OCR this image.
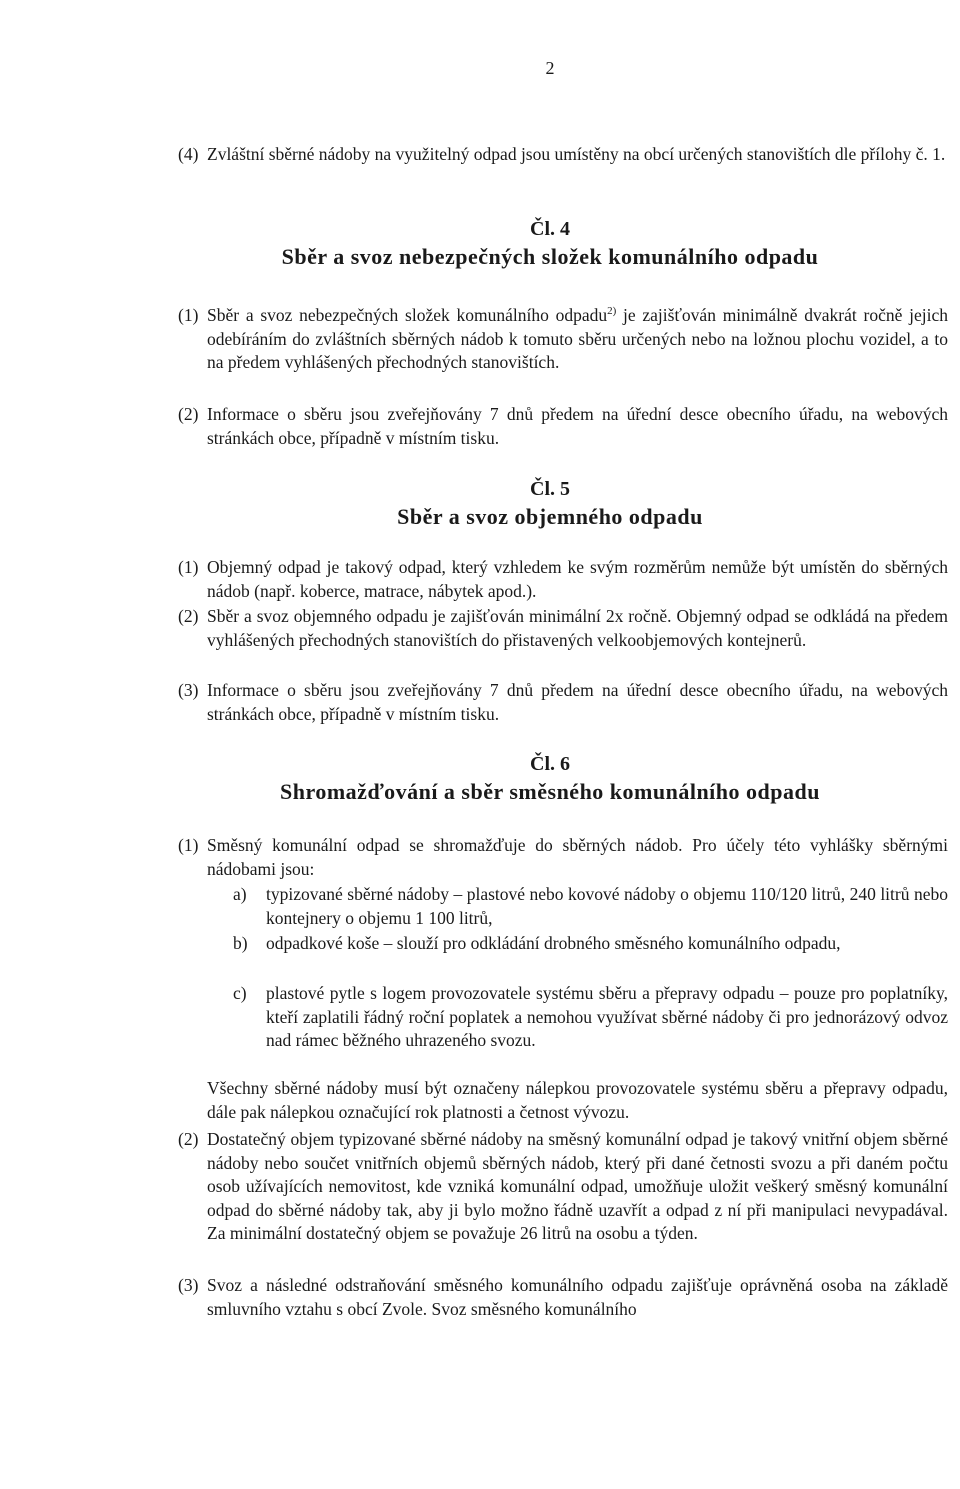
2
(4) Zvláštní sběrné nádoby na využitelný odpad jsou umístěny na obcí určených stanovištích dle přílohy č. 1.
Čl. 4
Sběr a svoz nebezpečných složek komunálního odpadu
(1) Sběr a svoz nebezpečných složek komunálního odpadu$^{2)}$ je zajišťován minimálně dvakrát ročně jejich odebíráním do zvláštních sběrných nádob k tomuto sběru určených nebo na ložnou plochu vozidel, a to na předem vyhlášených přechodných stanovištích.
(2) Informace o sběru jsou zveřejňovány 7 dnů předem na úřední desce obecního úřadu, na webových stránkách obce, případně v místním tisku.
Čl. 5
Sběr a svoz objemného odpadu
(1) Objemný odpad je takový odpad, který vzhledem ke svým rozměrům nemůže být umístěn do sběrných nádob (např. koberce, matrace, nábytek apod.).
(2) Sběr a svoz objemného odpadu je zajišťován minimální 2x ročně. Objemný odpad se odkládá na předem vyhlášených přechodných stanovištích do přistavených velkoobjemových kontejnerů.
(3) Informace o sběru jsou zveřejňovány 7 dnů předem na úřední desce obecního úřadu, na webových stránkách obce, případně v místním tisku.
Čl. 6
Shromažďování a sběr směsného komunálního odpadu
(1) Směsný komunální odpad se shromažďuje do sběrných nádob. Pro účely této vyhlášky sběrnými nádobami jsou:
a) typizované sběrné nádoby – plastové nebo kovové nádoby o objemu 110/120 litrů, 240 litrů nebo kontejnery o objemu 1 100 litrů,
b) odpadkové koše – slouží pro odkládání drobného směsného komunálního odpadu,
c) plastové pytle s logem provozovatele systému sběru a přepravy odpadu – pouze pro poplatníky, kteří zaplatili řádný roční poplatek a nemohou využívat sběrné nádoby či pro jednorázový odvoz nad rámec běžného uhrazeného svozu.
Všechny sběrné nádoby musí být označeny nálepkou provozovatele systému sběru a přepravy odpadu, dále pak nálepkou označující rok platnosti a četnost vývozu.
(2) Dostatečný objem typizované sběrné nádoby na směsný komunální odpad je takový vnitřní objem sběrné nádoby nebo součet vnitřních objemů sběrných nádob, který při dané četnosti svozu a při daném počtu osob užívajících nemovitost, kde vzniká komunální odpad, umožňuje uložit veškerý směsný komunální odpad do sběrné nádoby tak, aby ji bylo možno řádně uzavřít a odpad z ní při manipulaci nevypadával. Za minimální dostatečný objem se považuje 26 litrů na osobu a týden.
(3) Svoz a následné odstraňování směsného komunálního odpadu zajišťuje oprávněná osoba na základě smluvního vztahu s obcí Zvole. Svoz směsného komunálního
